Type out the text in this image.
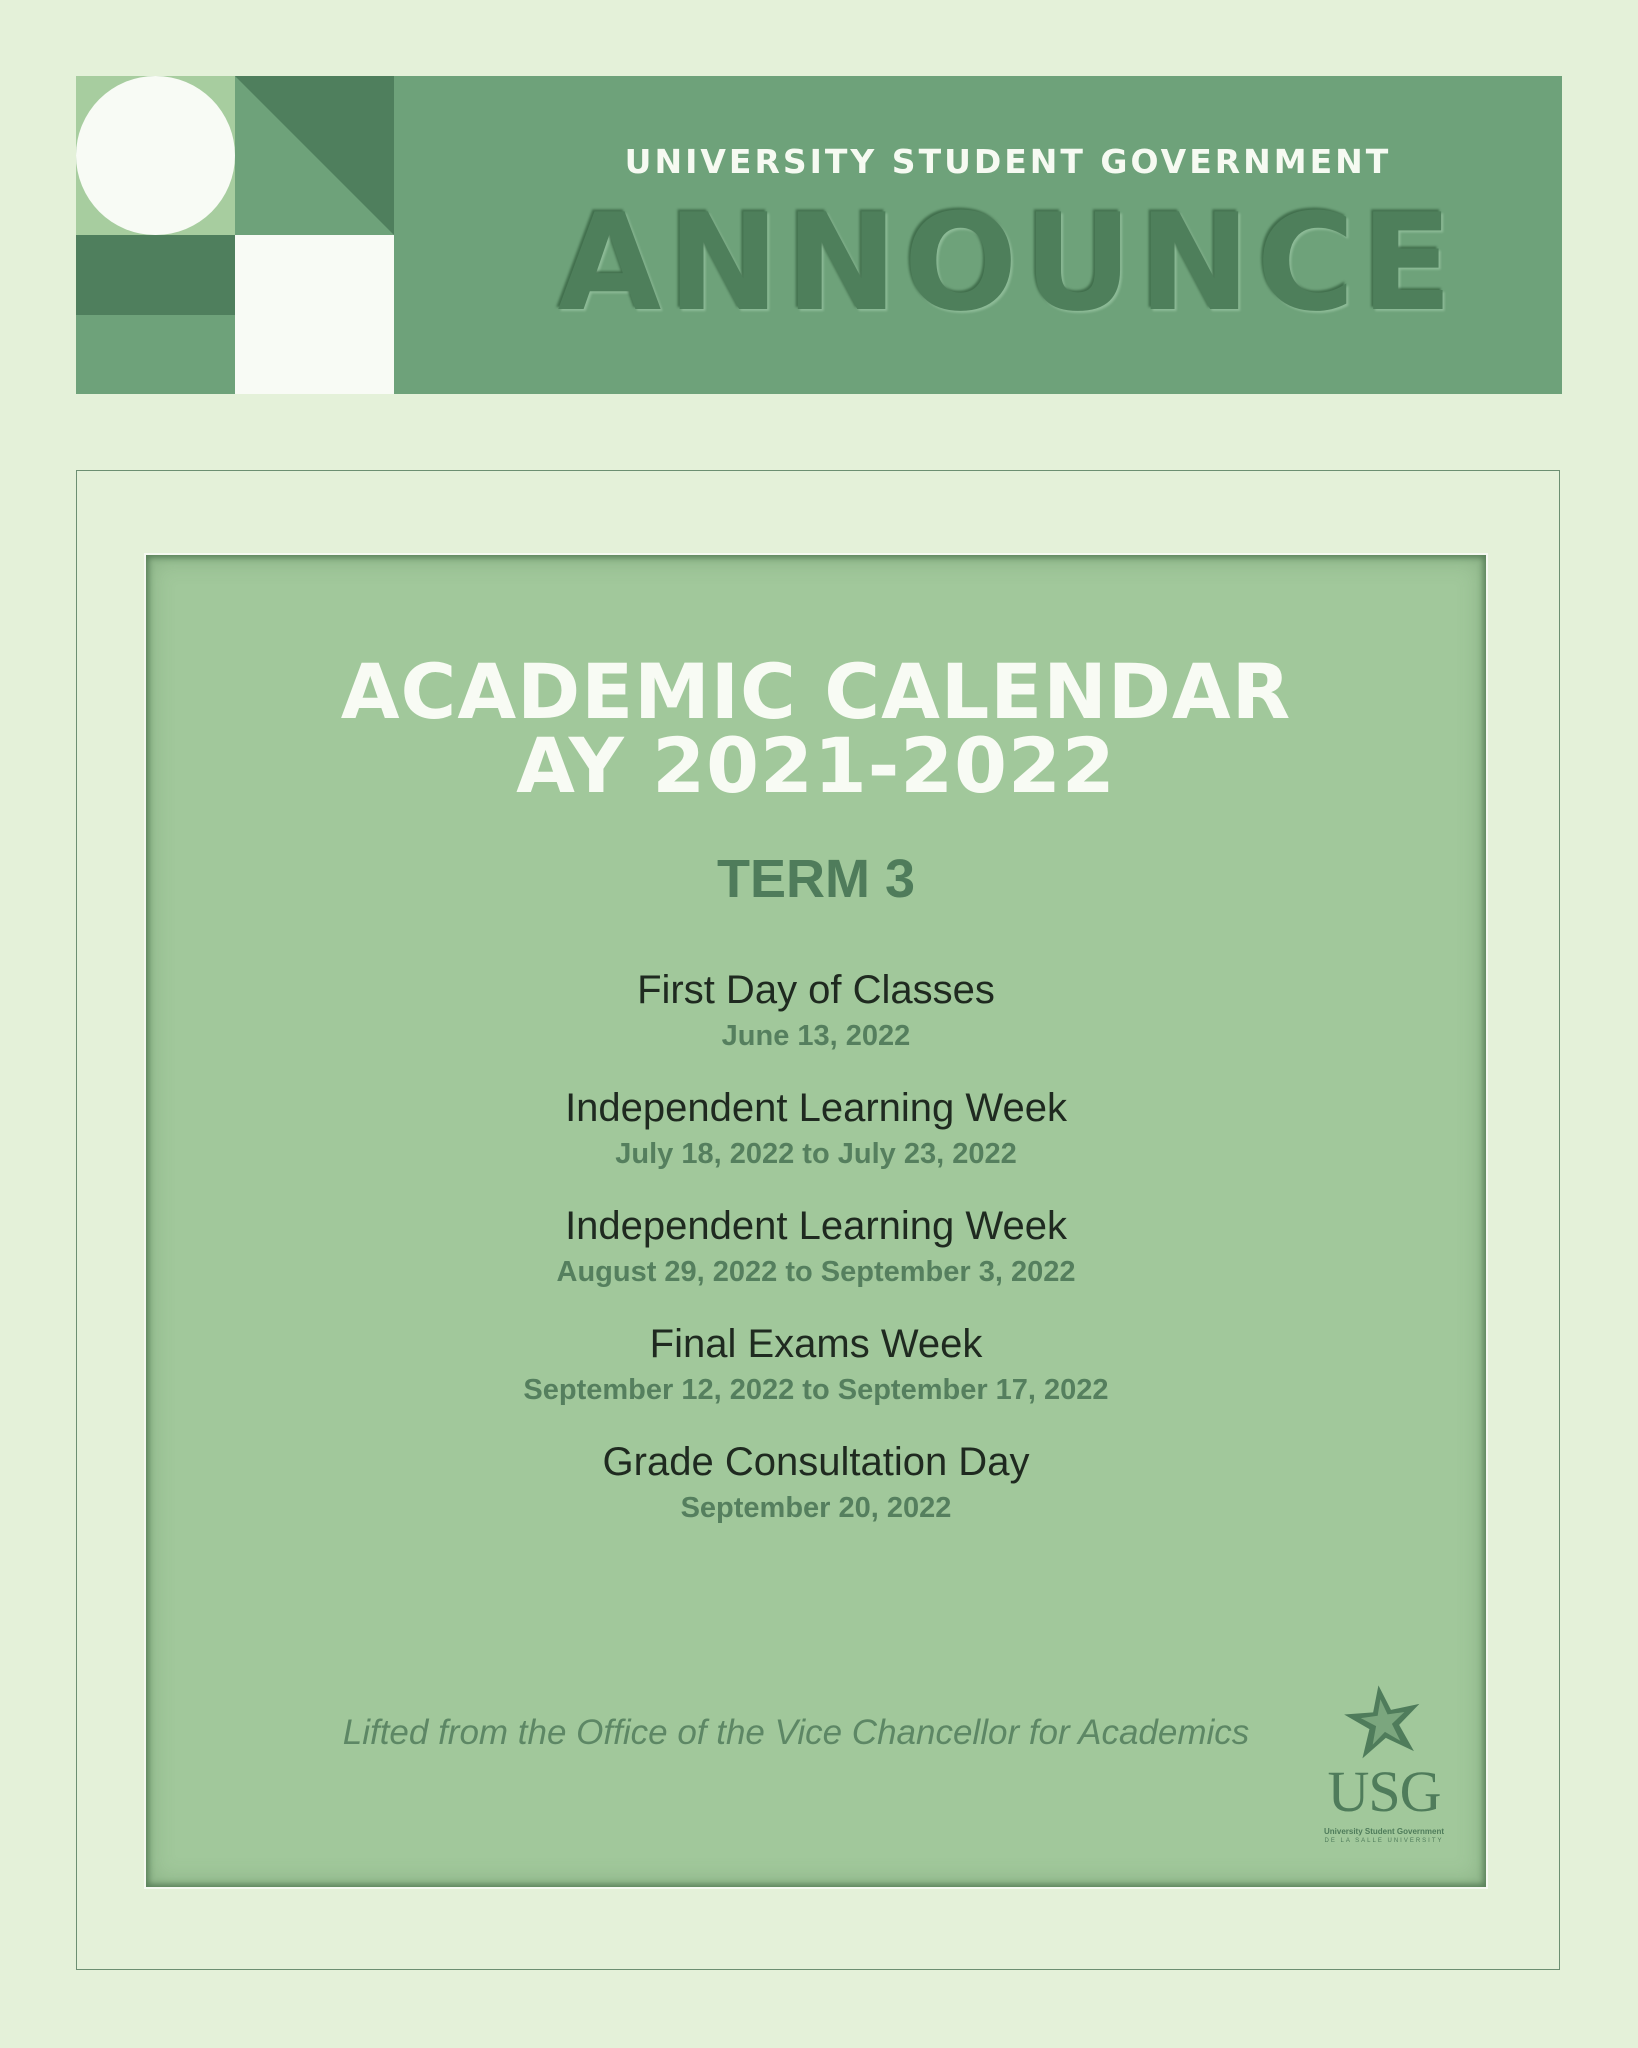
UNIVERSITY STUDENT GOVERNMENT
ANNOUNCE
ACADEMIC CALENDAR
AY 2021-2022
TERM 3
First Day of Classes
June 13, 2022
Independent Learning Week
July 18, 2022 to July 23, 2022
Independent Learning Week
August 29, 2022 to September 3, 2022
Final Exams Week
September 12, 2022 to September 17, 2022
Grade Consultation Day
September 20, 2022
Lifted from the Office of the Vice Chancellor for Academics
USG
University Student Government
DE LA SALLE UNIVERSITY
